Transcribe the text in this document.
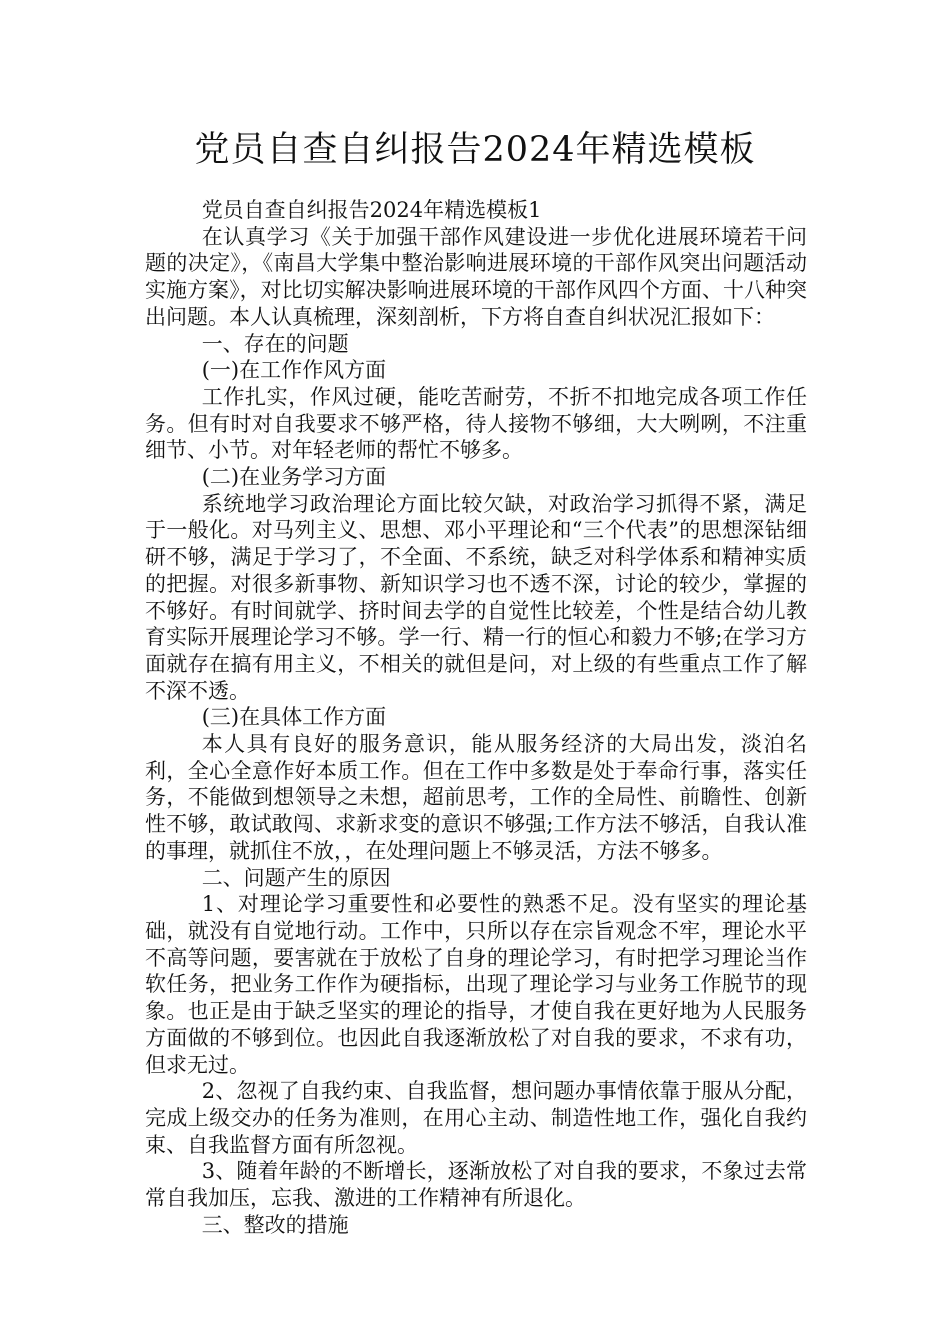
党员自查自纠报告2024年精选模板

党员自查自纠报告2024年精选模板1

在认真学习《关于加强干部作风建设进一步优化进展环境若干问题的决定》，《南昌大学集中整治影响进展环境的干部作风突出问题活动实施方案》，对比切实解决影响进展环境的干部作风四个方面、十八种突出问题。本人认真梳理，深刻剖析，下方将自查自纠状况汇报如下：

一、存在的问题

(一)在工作作风方面

工作扎实，作风过硬，能吃苦耐劳，不折不扣地完成各项工作任务。但有时对自我要求不够严格，待人接物不够细，大大咧咧，不注重细节、小节。对年轻老师的帮忙不够多。

(二)在业务学习方面

系统地学习政治理论方面比较欠缺，对政治学习抓得不紧，满足于一般化。对马列主义、思想、邓小平理论和“三个代表”的思想深钻细研不够，满足于学习了，不全面、不系统，缺乏对科学体系和精神实质的把握。对很多新事物、新知识学习也不透不深，讨论的较少，掌握的不够好。有时间就学、挤时间去学的自觉性比较差，个性是结合幼儿教育实际开展理论学习不够。学一行、精一行的恒心和毅力不够;在学习方面就存在搞有用主义，不相关的就但是问，对上级的有些重点工作了解不深不透。

(三)在具体工作方面

本人具有良好的服务意识，能从服务经济的大局出发，淡泊名利，全心全意作好本质工作。但在工作中多数是处于奉命行事，落实任务，不能做到想领导之未想，超前思考，工作的全局性、前瞻性、创新性不够，敢试敢闯、求新求变的意识不够强;工作方法不够活，自我认准的事理，就抓住不放，，在处理问题上不够灵活，方法不够多。

二、问题产生的原因

1、对理论学习重要性和必要性的熟悉不足。没有坚实的理论基础，就没有自觉地行动。工作中，只所以存在宗旨观念不牢，理论水平不高等问题，要害就在于放松了自身的理论学习，有时把学习理论当作软任务，把业务工作作为硬指标，出现了理论学习与业务工作脱节的现象。也正是由于缺乏坚实的理论的指导，才使自我在更好地为人民服务方面做的不够到位。也因此自我逐渐放松了对自我的要求，不求有功，但求无过。

2、忽视了自我约束、自我监督，想问题办事情依靠于服从分配，完成上级交办的任务为准则，在用心主动、制造性地工作，强化自我约束、自我监督方面有所忽视。

3、随着年龄的不断增长，逐渐放松了对自我的要求，不象过去常常自我加压，忘我、激进的工作精神有所退化。

三、整改的措施
